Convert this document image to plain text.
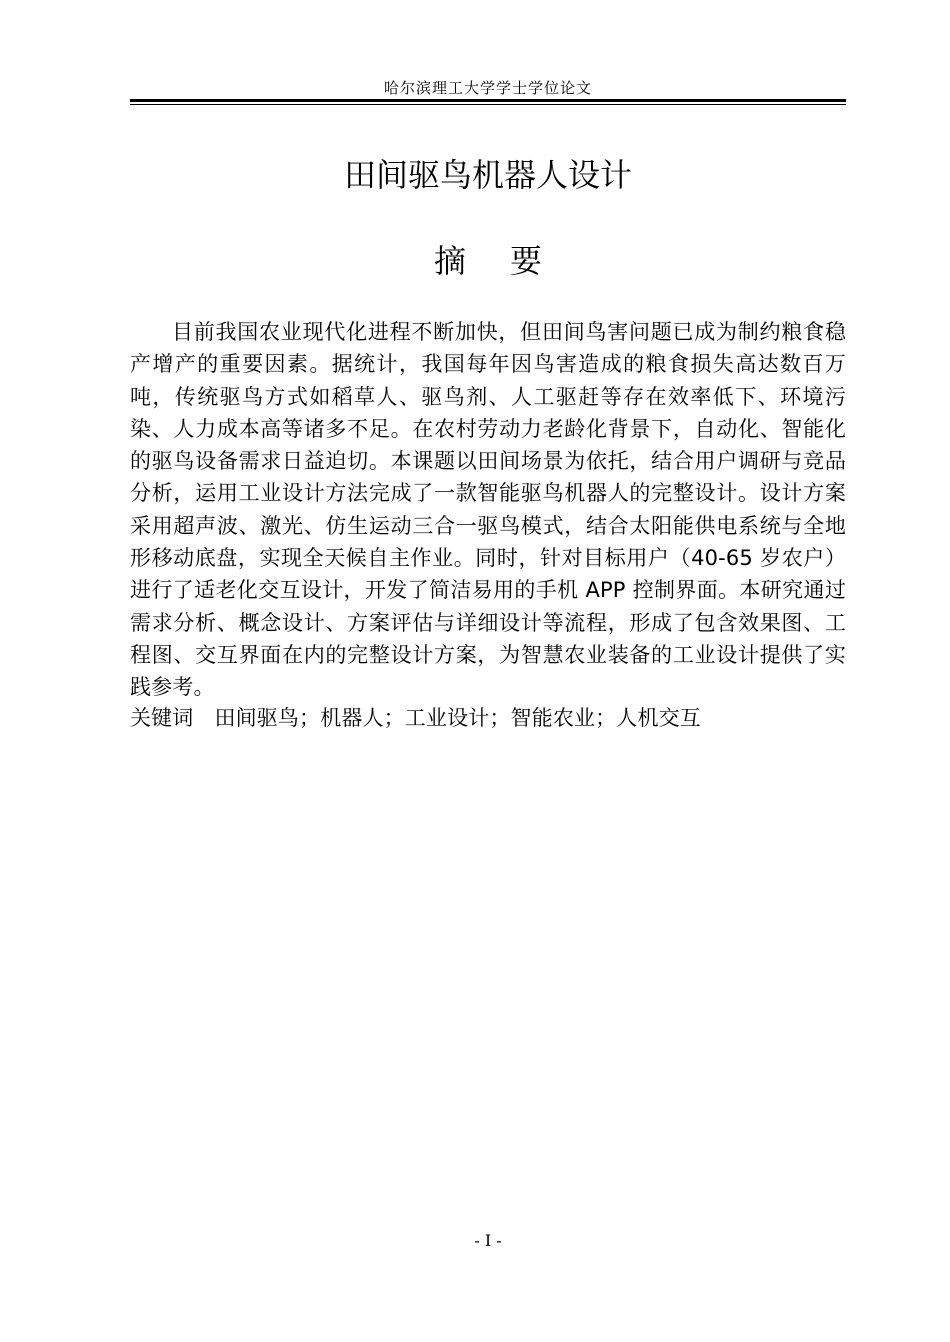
哈尔滨理工大学学士学位论文
田间驱鸟机器人设计
摘要

目前我国农业现代化进程不断加快，但田间鸟害问题已成为制约粮食稳产增产的重要因素。据统计，我国每年因鸟害造成的粮食损失高达数百万吨，传统驱鸟方式如稻草人、驱鸟剂、人工驱赶等存在效率低下、环境污染、人力成本高等诸多不足。在农村劳动力老龄化背景下，自动化、智能化的驱鸟设备需求日益迫切。本课题以田间场景为依托，结合用户调研与竞品分析，运用工业设计方法完成了一款智能驱鸟机器人的完整设计。设计方案采用超声波、激光、仿生运动三合一驱鸟模式，结合太阳能供电系统与全地形移动底盘，实现全天候自主作业。同时，针对目标用户（40-65 岁农户）进行了适老化交互设计，开发了简洁易用的手机 APP 控制界面。本研究通过需求分析、概念设计、方案评估与详细设计等流程，形成了包含效果图、工程图、交互界面在内的完整设计方案，为智慧农业装备的工业设计提供了实践参考。

关键词 田间驱鸟；机器人；工业设计；智能农业；人机交互
- I -
